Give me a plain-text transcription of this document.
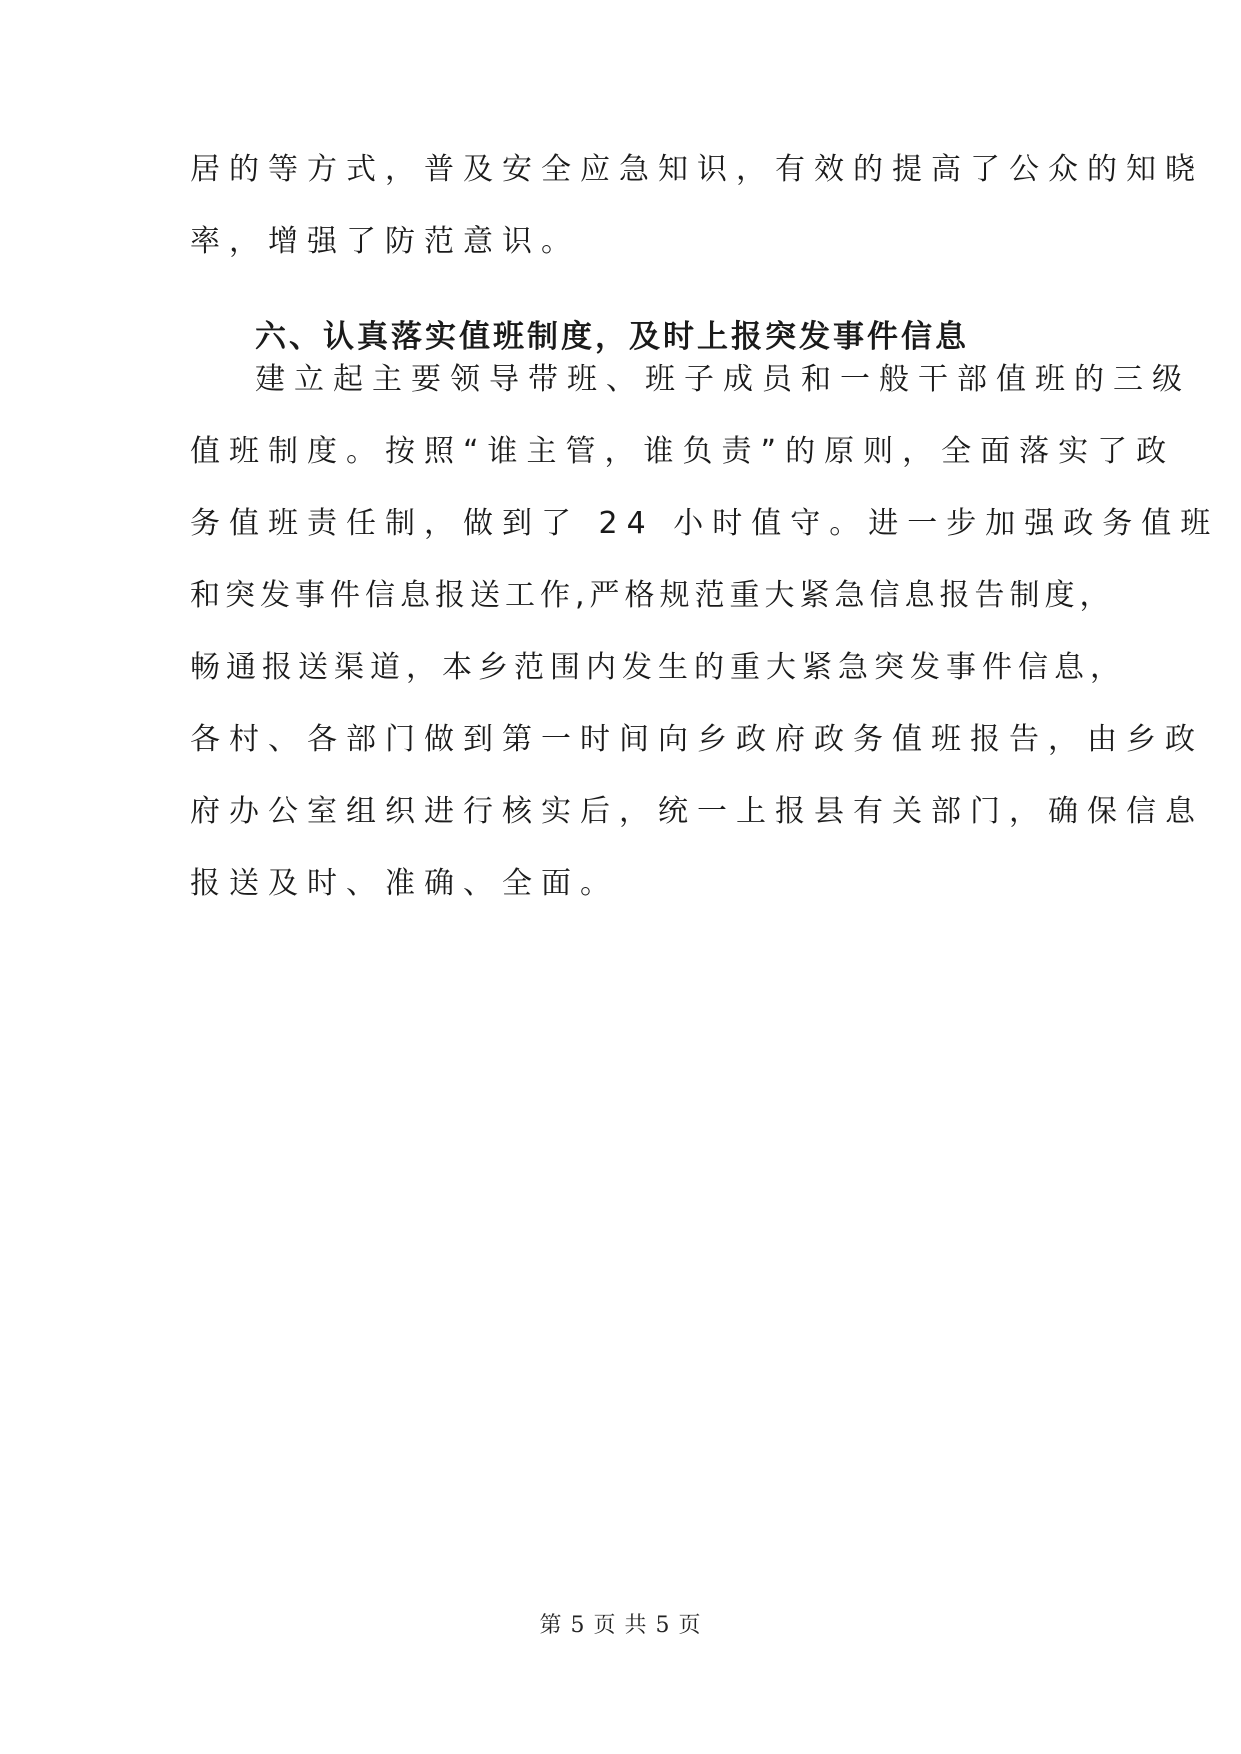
居的等方式，普及安全应急知识，有效的提高了公众的知晓
率，增强了防范意识。
六、认真落实值班制度，及时上报突发事件信息
建立起主要领导带班、班子成员和一般干部值班的三级
值班制度。按照“谁主管，谁负责”的原则，全面落实了政
务值班责任制，做到了 24 小时值守。进一步加强政务值班
和突发事件信息报送工作,严格规范重大紧急信息报告制度，
畅通报送渠道，本乡范围内发生的重大紧急突发事件信息，
各村、各部门做到第一时间向乡政府政务值班报告，由乡政
府办公室组织进行核实后，统一上报县有关部门，确保信息
报送及时、准确、全面。
第 5 页 共 5 页
